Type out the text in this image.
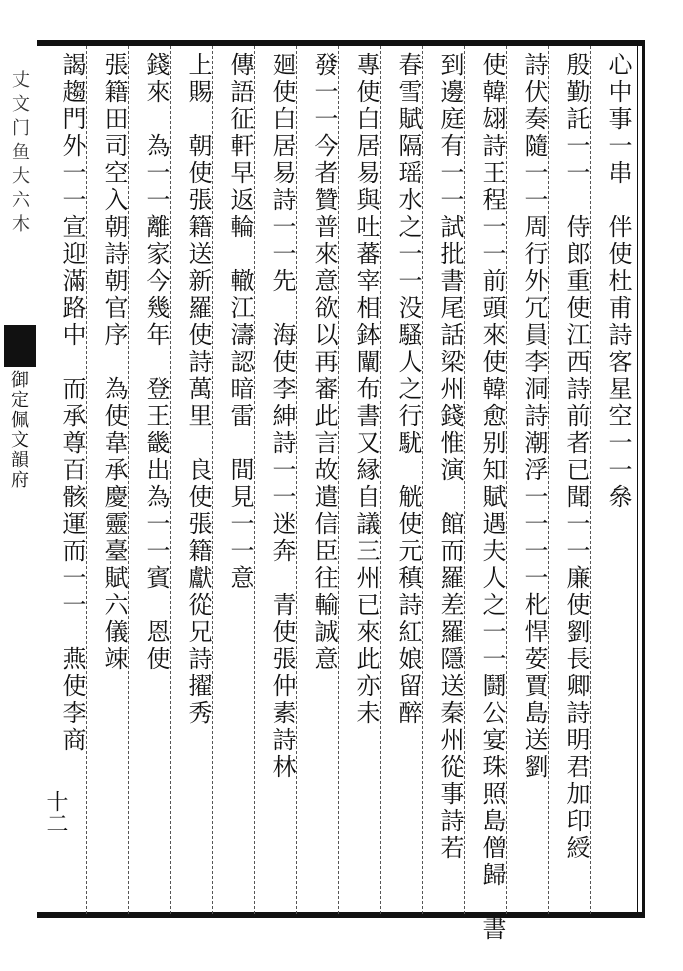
丈文门鱼大六木
御定佩文韻府	心中事一串　伴使杜甫詩客星空一一㕘
殷勤託一一　侍郎重使江西詩前者已聞一一廉使劉長卿詩明君加印綬
詩伏奏隨一一周行外冗員李洞詩潮浮一一一一朼悍荌賈島送劉
使韓翃詩王程一一前頭來使韓愈别知賦遇夫人之一一鬪公宴珠照島僧歸　書
到邊庭有一一試批書尾話梁州錢惟演　館而羅差羅隱送秦州從事詩若
春雪賦隔瑶水之一一没騷人之行駀　觥使元稹詩紅娘留醉
專使白居易與吐蕃宰相鉢闡布書又縁自議三州已來此亦未
發一一今者贊普來意欲以再審此言故遣信臣往輸誠意
廻使白居易詩一一先　海使李紳詩一一迷奔　青使張仲素詩林
傳語征軒早返輪　轍江濤認暗雷　間見一一意
上賜　朝使張籍送新羅使詩萬里　良使張籍獻從兄詩擢秀
錢來　為一一離家今幾年　登王畿出為一一賓　恩使
張籍田司空入朝詩朝官序　為使韋承慶靈臺賦六儀竦
謁趨門外一一宣迎滿路中　而承尊百骸運而一一　燕使李商
十二
